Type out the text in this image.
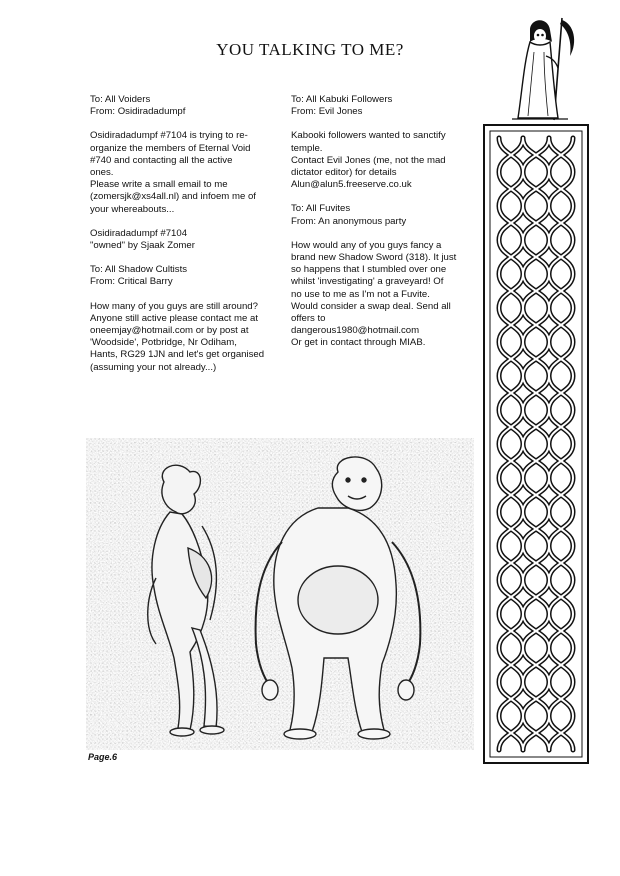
YOU TALKING TO ME?
To: All Voiders
From: Osidiradadumpf
Osidiradadumpf #7104 is trying to re-
organize the members of Eternal Void
#740 and contacting all the active
ones.
Please write a small email to me
(zomersjk@xs4all.nl) and infoem me of
your whereabouts...
Osidiradadumpf #7104
"owned" by Sjaak Zomer
To: All Shadow Cultists
From: Critical Barry
How many of you guys are still around?
Anyone still active please contact me at
oneemjay@hotmail.com or by post at
'Woodside', Potbridge, Nr Odiham,
Hants, RG29 1JN and let's get organised
(assuming your not already...)
To: All Kabuki Followers
From: Evil Jones
Kabooki followers wanted to sanctify
temple.
Contact Evil Jones (me, not the mad
dictator editor) for details
Alun@alun5.freeserve.co.uk
To: All Fuvites
From: An anonymous party
How would any of you guys fancy a
brand new Shadow Sword (318). It just
so happens that I stumbled over one
whilst 'investigating' a graveyard! Of
no use to me as I'm not a Fuvite.
Would consider a swap deal. Send all
offers to
dangerous1980@hotmail.com
Or get in contact through MIAB.
Page.6
